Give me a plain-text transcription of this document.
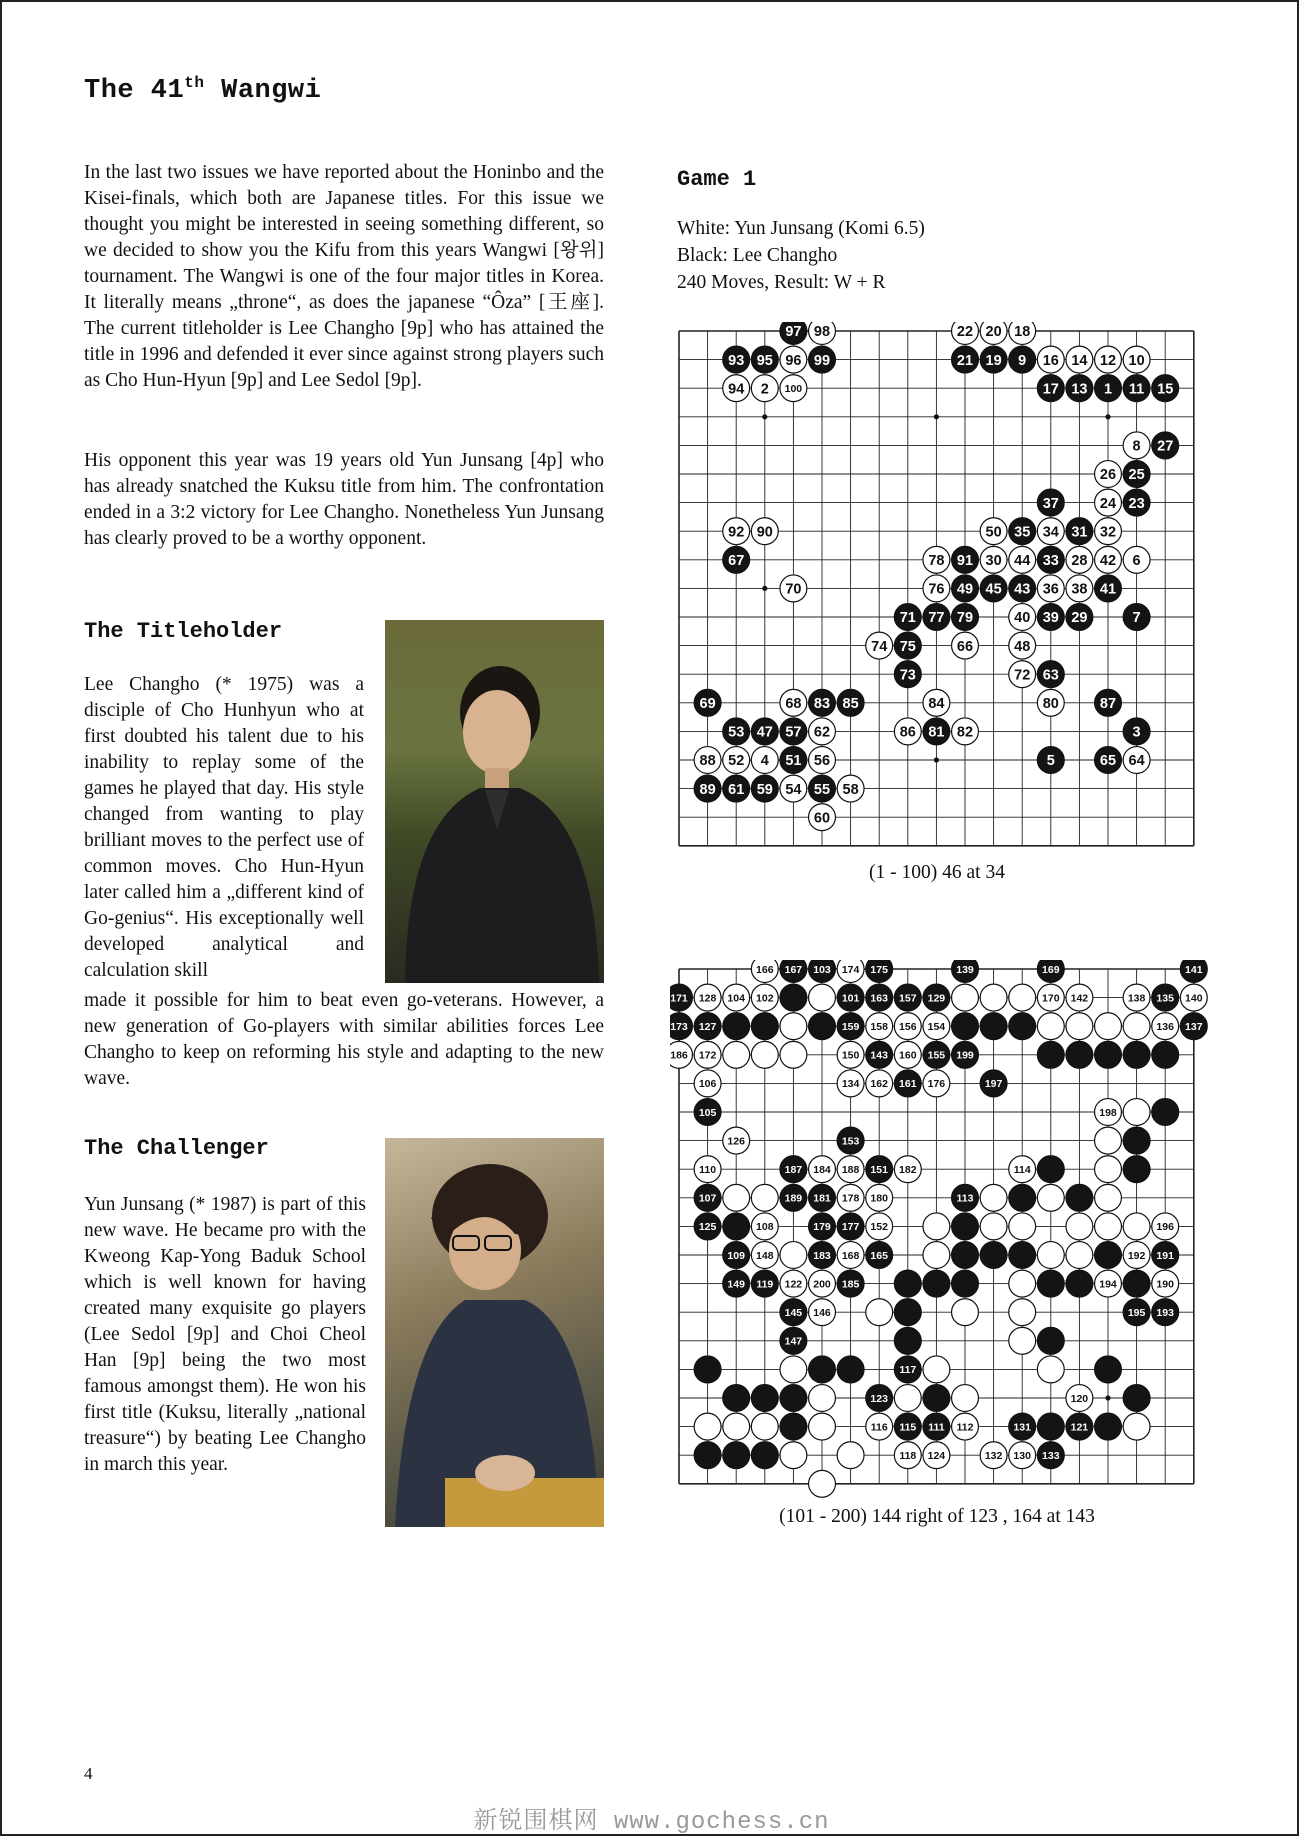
The 41th Wangwi
In the last two issues we have reported about the Honinbo and the Kisei-finals, which both are Japanese titles. For this issue we thought you might be interested in seeing something different, so we decided to show you the Kifu from this years Wangwi [왕위] tournament. The Wangwi is one of the four major titles in Korea. It literally means „throne“, as does the japanese “Ôza” [王座]. The current titleholder is Lee Changho [9p] who has attained the title in 1996 and defended it ever since against strong players such as Cho Hun-Hyun [9p] and Lee Sedol [9p].
His opponent this year was 19 years old Yun Junsang [4p] who has already snatched the Kuksu title from him. The confrontation ended in a 3:2 victory for Lee Changho. Nonetheless Yun Junsang has clearly proved to be a worthy opponent.
The Titleholder
Lee Changho (* 1975) was a disciple of Cho Hunhyun who at first doubted his talent due to his inability to replay some of the games he played that day. His style changed from wanting to play brilliant moves to the perfect use of common moves. Cho Hun-Hyun later called him a „different kind of Go-genius“. His exceptionally well developed analytical and calculation skill
made it possible for him to beat even go-veterans. However, a new generation of Go-players with similar abilities forces Lee Changho to keep on reforming his style and adapting to the new wave.
The Challenger
Yun Junsang (* 1987) is part of this new wave. He became pro with the Kweong Kap-Yong Baduk School which is well known for having created many exquisite go players (Lee Sedol [9p] and Choi Cheol Han [9p] being the two most famous amongst them). He won his first title (Kuksu, literally „national treasure“) by beating Lee Changho in march this year.
Game 1
White: Yun Junsang (Komi 6.5)
Black: Lee Changho
240 Moves, Result: W + R
97 98	22 20 18
93 95 96 99	21 19 9 16 14 12 10
94 2 100	17 13 1 11 15
8 27
26 25
37	24 23
92 90	50 35 34 31 32
67	78 91 30 44 33 28 42 6
70	76 49 45 43 36 38 41
71 77 79	40 39 29	7
74 75	66	48
73	72 63
69	68 83 85	84	80	87
53 47 57 62	86 81 82	3
88 52 4 51 56	5	65 64
89 61 59 54 55 58
60
(1 - 100) 46 at 34
166 167 103 174 175	139	169	141
171 128 104 102	101 163 157 129	170 142	138 135 140
173 127	159 158 156 154	136 137
186 172	150 143 160 155 199
106	134 162 161 176	197
105	198
126	153
110	187 184 188 151 182	114
107	189 181 178 180	113
125	108	179 177 152	196
109 148	183 168 165	192 191
149 119 122 200 185	194	190
145 146	195 193
147
117
123	120
116 115 111 112	131	121
118 124	132 130 133
(101 - 200) 144 right of 123 , 164 at 143
4
新锐围棋网 www.gochess.cn
